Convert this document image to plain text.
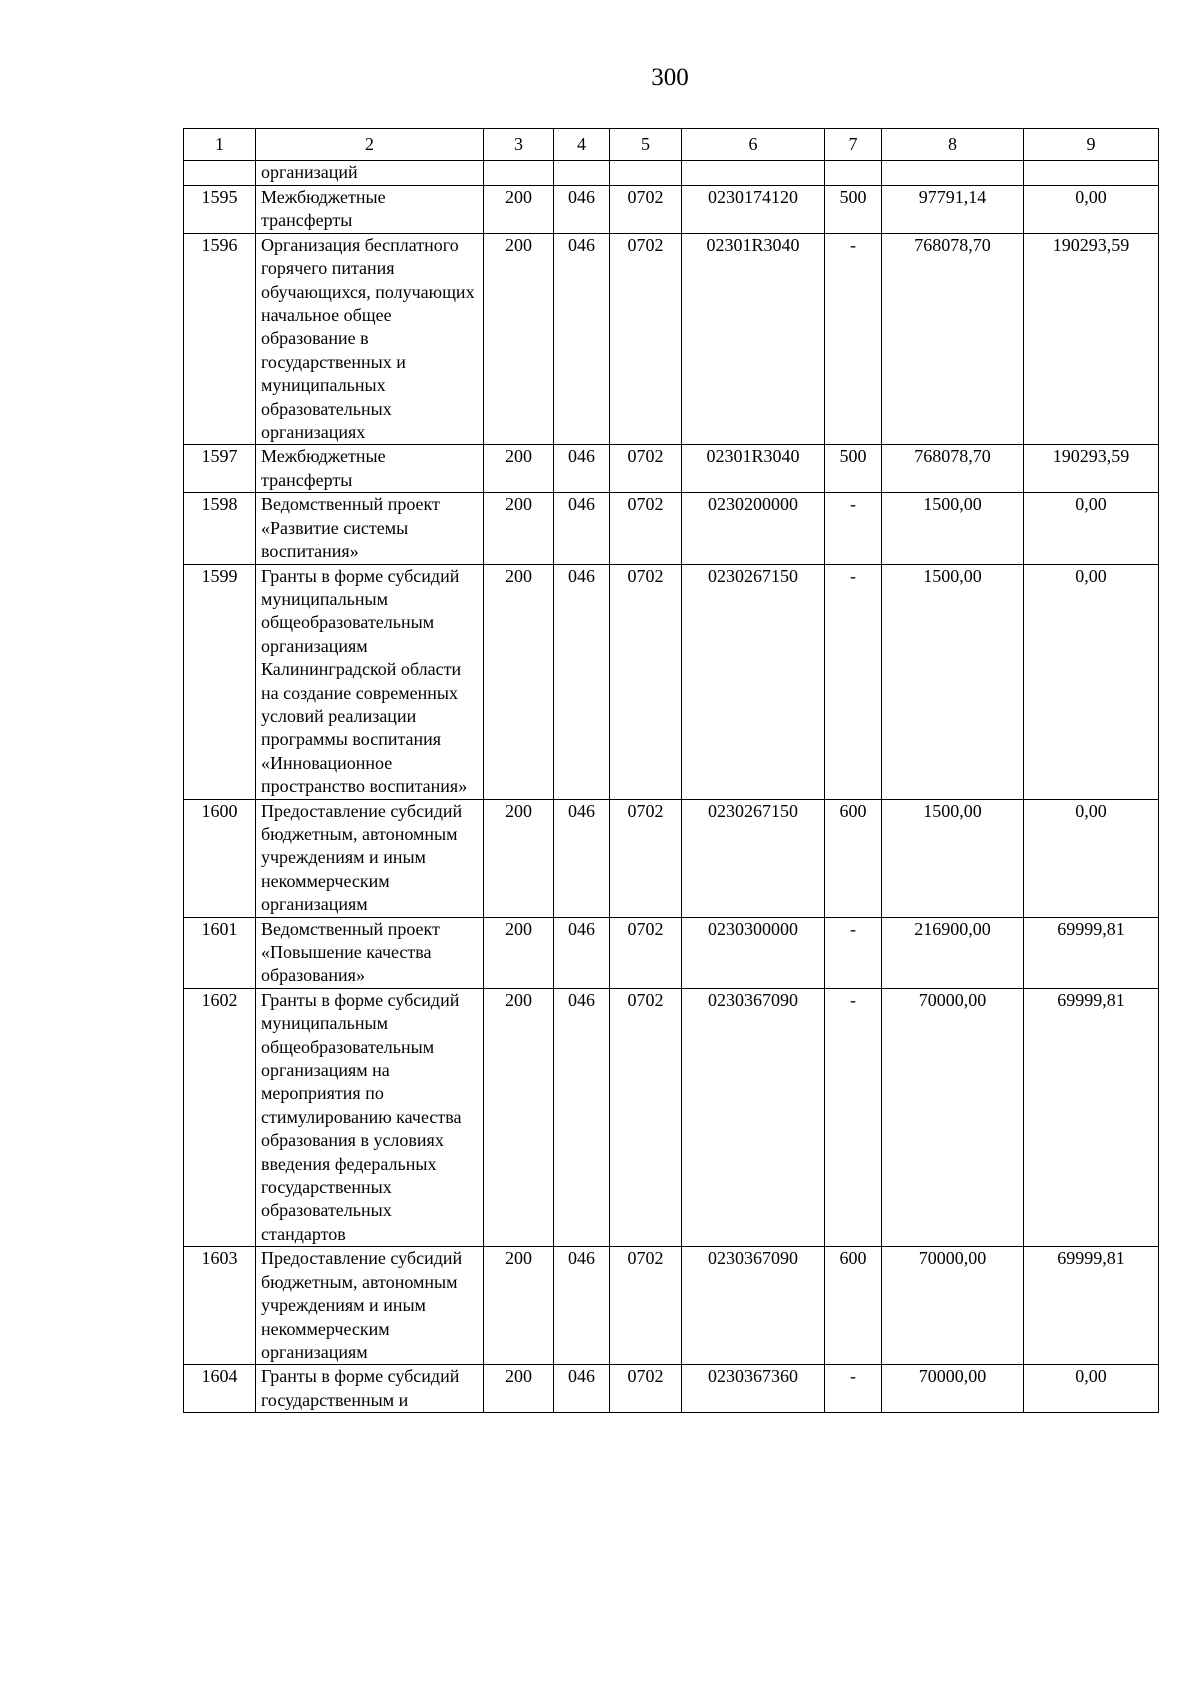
300
1	2	3	4	5	6	7	8	9
	организаций							
1595	Межбюджетные трансферты	200	046	0702	0230174120	500	97791,14	0,00
1596	Организация бесплатного горячего питания обучающихся, получающих начальное общее образование в государственных и муниципальных образовательных организациях	200	046	0702	02301R3040	-	768078,70	190293,59
1597	Межбюджетные трансферты	200	046	0702	02301R3040	500	768078,70	190293,59
1598	Ведомственный проект «Развитие системы воспитания»	200	046	0702	0230200000	-	1500,00	0,00
1599	Гранты в форме субсидий муниципальным общеобразовательным организациям Калининградской области на создание современных условий реализации программы воспитания «Инновационное пространство воспитания»	200	046	0702	0230267150	-	1500,00	0,00
1600	Предоставление субсидий бюджетным, автономным учреждениям и иным некоммерческим организациям	200	046	0702	0230267150	600	1500,00	0,00
1601	Ведомственный проект «Повышение качества образования»	200	046	0702	0230300000	-	216900,00	69999,81
1602	Гранты в форме субсидий муниципальным общеобразовательным организациям на мероприятия по стимулированию качества образования в условиях введения федеральных государственных образовательных стандартов	200	046	0702	0230367090	-	70000,00	69999,81
1603	Предоставление субсидий бюджетным, автономным учреждениям и иным некоммерческим организациям	200	046	0702	0230367090	600	70000,00	69999,81
1604	Гранты в форме субсидий государственным и	200	046	0702	0230367360	-	70000,00	0,00
